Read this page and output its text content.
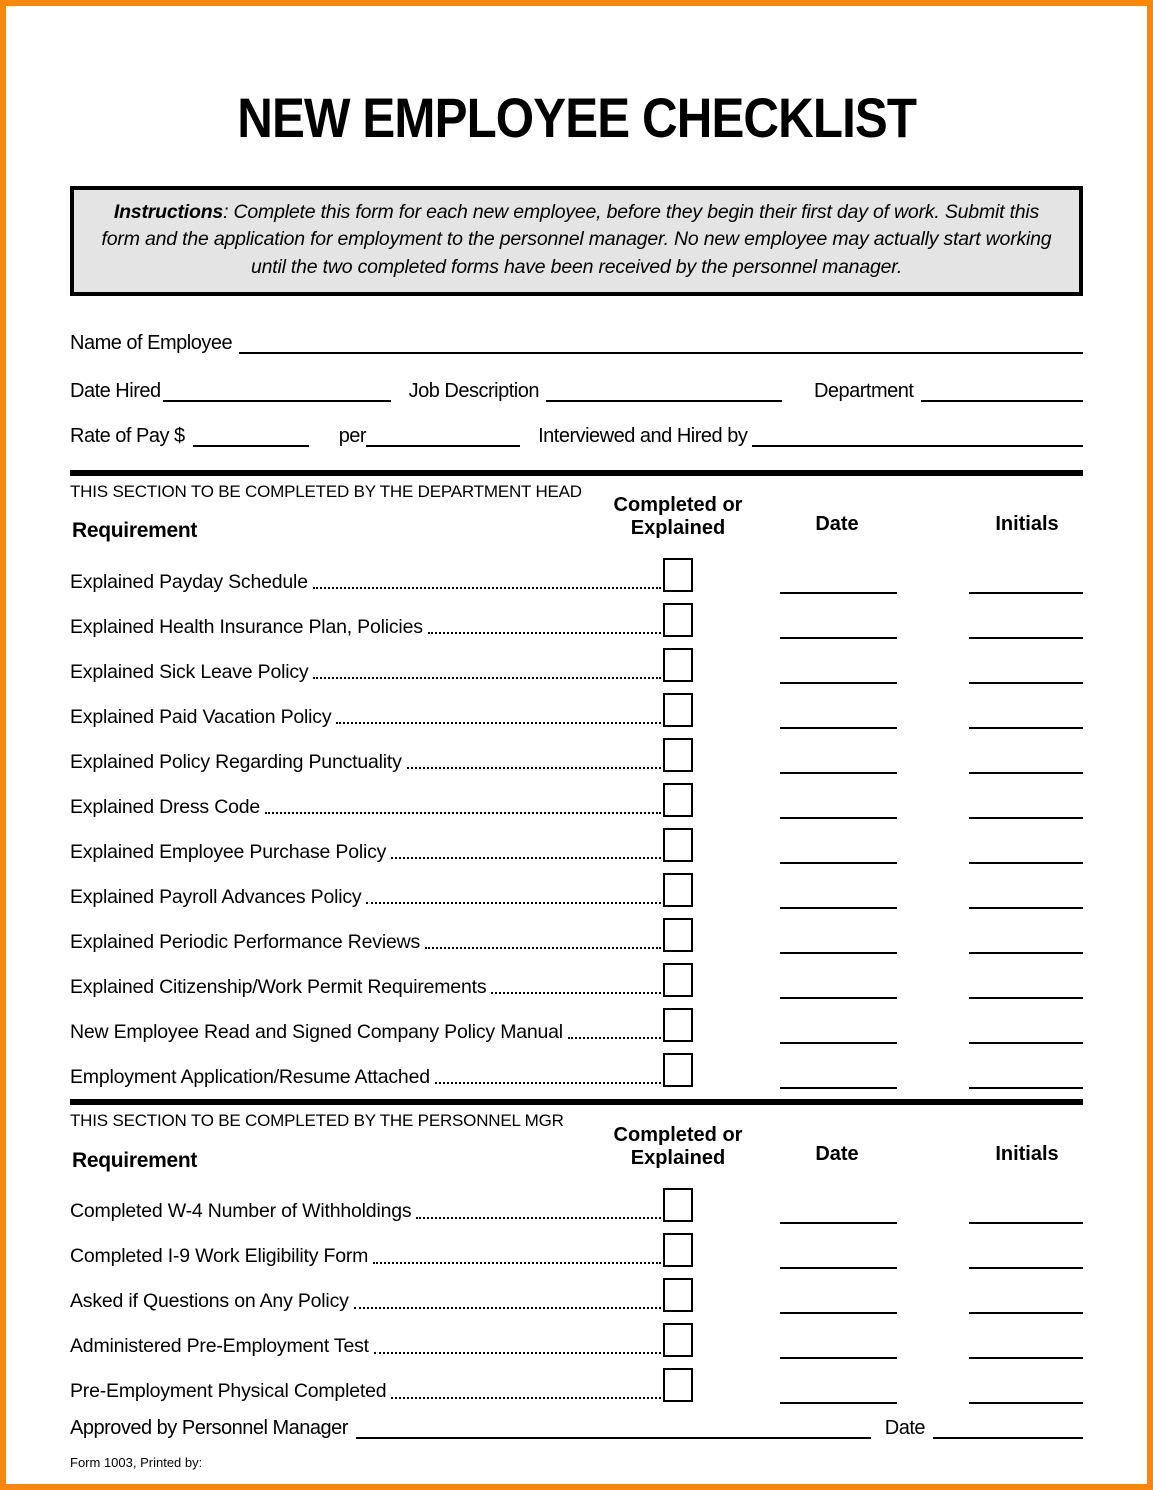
NEW EMPLOYEE CHECKLIST
Instructions: Complete this form for each new employee, before they begin their first day of work. Submit this form and the application for employment to the personnel manager. No new employee may actually start working until the two completed forms have been received by the personnel manager.
Name of Employee
Date Hired	Job Description	Department
Rate of Pay $	per	Interviewed and Hired by
THIS SECTION TO BE COMPLETED BY THE DEPARTMENT HEAD
Requirement
Completed or
Explained	Date	Initials
Explained Payday Schedule
Explained Health Insurance Plan, Policies
Explained Sick Leave Policy
Explained Paid Vacation Policy
Explained Policy Regarding Punctuality
Explained Dress Code
Explained Employee Purchase Policy
Explained Payroll Advances Policy
Explained Periodic Performance Reviews
Explained Citizenship/Work Permit Requirements
New Employee Read and Signed Company Policy Manual
Employment Application/Resume Attached
THIS SECTION TO BE COMPLETED BY THE PERSONNEL MGR
Requirement
Completed or
Explained	Date	Initials
Completed W-4 Number of Withholdings
Completed I-9 Work Eligibility Form
Asked if Questions on Any Policy
Administered Pre-Employment Test
Pre-Employment Physical Completed
Approved by Personnel Manager	Date
Form 1003, Printed by:
